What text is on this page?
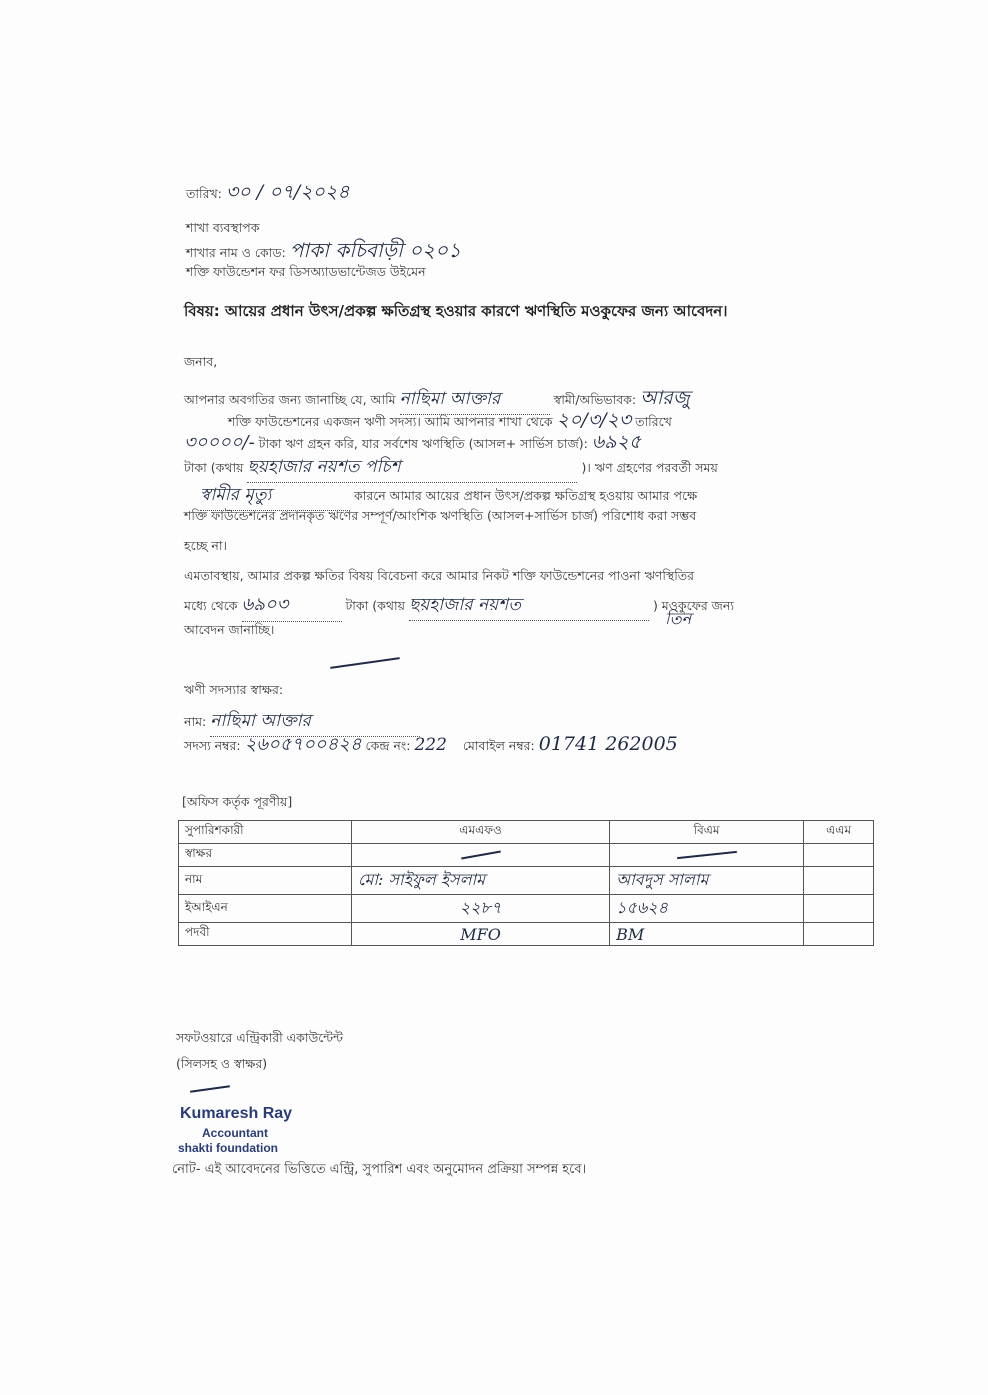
তারিখ: ৩০ / ০৭/২০২৪
শাখা ব্যবস্থাপক
শাখার নাম ও কোড: পাকা কচিবাড়ী ০২০১
শক্তি ফাউন্ডেশন ফর ডিসঅ্যাডভান্টেজড উইমেন
বিষয়: আয়ের প্রধান উৎস/প্রকল্প ক্ষতিগ্রস্থ হওয়ার কারণে ঋণস্থিতি মওকুফের জন্য আবেদন।
জনাব,
আপনার অবগতির জন্য জানাচ্ছি যে, আমি নাছিমা আক্তার	স্বামী/অভিভাবক: আরজু
শক্তি ফাউন্ডেশনের একজন ঋণী সদস্য। আমি আপনার শাখা থেকে ২০/৩/২৩ তারিখে
৩০০০০/- টাকা ঋণ গ্রহন করি, যার সর্বশেষ ঋণস্থিতি (আসল+ সার্ভিস চার্জ): ৬৯২৫
টাকা (কথায় ছয়হাজার নয়শত পচিশ	)। ঋণ গ্রহণের পরবর্তী সময়
স্বামীর মৃত্যু	কারনে আমার আয়ের প্রধান উৎস/প্রকল্প ক্ষতিগ্রস্থ হওয়ায় আমার পক্ষে
শক্তি ফাউন্ডেশনের প্রদানকৃত ঋণের সম্পূর্ণ/আংশিক ঋণস্থিতি (আসল+সার্ভিস চার্জ) পরিশোধ করা সম্ভব
হচ্ছে না।
এমতাবস্থায়, আমার প্রকল্প ক্ষতির বিষয় বিবেচনা করে আমার নিকট শক্তি ফাউন্ডেশনের পাওনা ঋণস্থিতির
মধ্যে থেকে ৬৯০৩	টাকা (কথায় ছয়হাজার নয়শত	) মওকুফের জন্য
তিন
আবেদন জানাচ্ছি।
ঋণী সদস্যার স্বাক্ষর:
নাম: নাছিমা আক্তার
সদস্য নম্বর: ২৬০৫৭০০৪২৪ কেন্দ্র নং: 222 মোবাইল নম্বর: 01741 262005
[অফিস কর্তৃক পূরণীয়]
সুপারিশকারী	এমএফও	বিএম	এএম
স্বাক্ষর	

নাম	মো: সাইফুল ইসলাম	আবদুস সালাম	
ইআইএন	২২৮৭	১৫৬২৪	
পদবী	MFO	BM	
সফটওয়ারে এন্ট্রিকারী একাউন্টেন্ট
(সিলসহ ও স্বাক্ষর)
Kumaresh Ray
Accountant
shakti foundation
নোট- এই আবেদনের ভিত্তিতে এন্ট্রি, সুপারিশ এবং অনুমোদন প্রক্রিয়া সম্পন্ন হবে।
